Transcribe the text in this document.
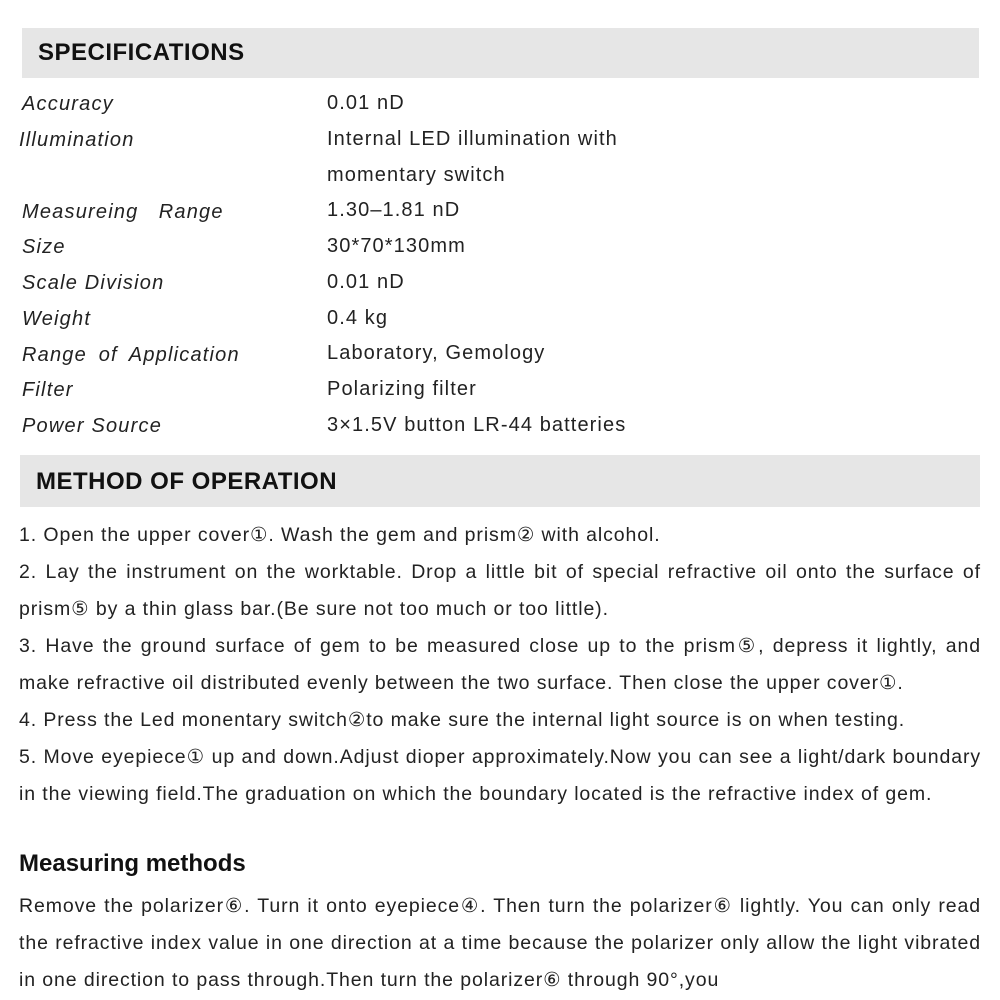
SPECIFICATIONS
Accuracy	0.01 nD
Illumination	Internal LED illumination with
momentary switch
Measureing   Range	1.30–1.81 nD
Size	30*70*130mm
Scale Division	0.01 nD
Weight	0.4 kg
Range of Application	Laboratory, Gemology
Filter	Polarizing filter
Power Source	3×1.5V button LR-44 batteries
METHOD OF OPERATION

1. Open the upper cover①. Wash the gem and prism② with alcohol.

2. Lay the instrument on the worktable. Drop a little bit of special refractive oil onto the surface of prism⑤ by a thin glass bar.(Be sure not too much or too little).

3. Have the ground surface of gem to be measured close up to the prism⑤, depress it lightly, and make refractive oil distributed evenly between the two surface. Then close the upper cover①.

4. Press the Led monentary switch②to make sure the internal light source is on when testing.

5. Move eyepiece① up and down.Adjust dioper approximately.Now you can see a light/dark boundary in the viewing field.The graduation on which the boundary located is the refractive index of gem.

Measuring methods

Remove the polarizer⑥. Turn it onto eyepiece④. Then turn the polarizer⑥ lightly. You can only read the refractive index value in one direction at a time because the polarizer only allow the light vibrated in one direction to pass through.Then turn the polarizer⑥ through 90°,you
